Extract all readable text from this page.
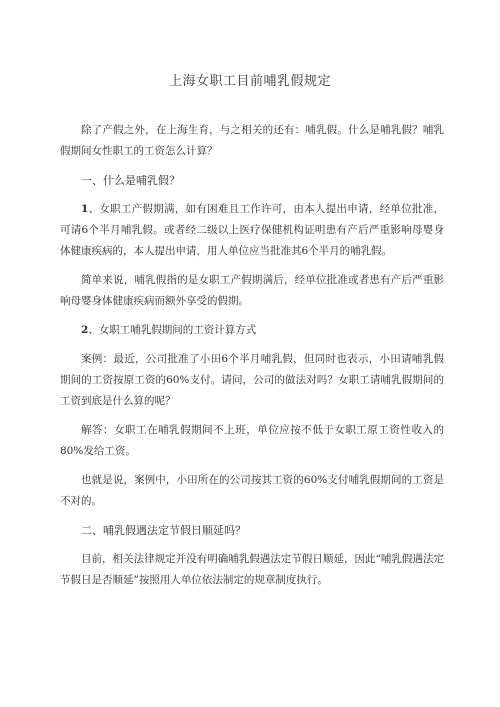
上海女职工目前哺乳假规定

除了产假之外，在上海生育，与之相关的还有：哺乳假。什么是哺乳假？哺乳假期间女性职工的工资怎么计算？

一、什么是哺乳假？

1、女职工产假期满，如有困难且工作许可，由本人提出申请，经单位批准，可请6个半月哺乳假。或者经二级以上医疗保健机构证明患有产后严重影响母婴身体健康疾病的，本人提出申请，用人单位应当批准其6个半月的哺乳假。

简单来说，哺乳假指的是女职工产假期满后，经单位批准或者患有产后严重影响母婴身体健康疾病而额外享受的假期。

2、女职工哺乳假期间的工资计算方式

案例：最近，公司批准了小田6个半月哺乳假，但同时也表示，小田请哺乳假期间的工资按原工资的60%支付。请问，公司的做法对吗？女职工请哺乳假期间的工资到底是什么算的呢？

解答：女职工在哺乳假期间不上班，单位应按不低于女职工原工资性收入的80%发给工资。

也就是说，案例中，小田所在的公司按其工资的60%支付哺乳假期间的工资是不对的。

二、哺乳假遇法定节假日顺延吗？

目前，相关法律规定并没有明确哺乳假遇法定节假日顺延，因此“哺乳假遇法定节假日是否顺延”按照用人单位依法制定的规章制度执行。
